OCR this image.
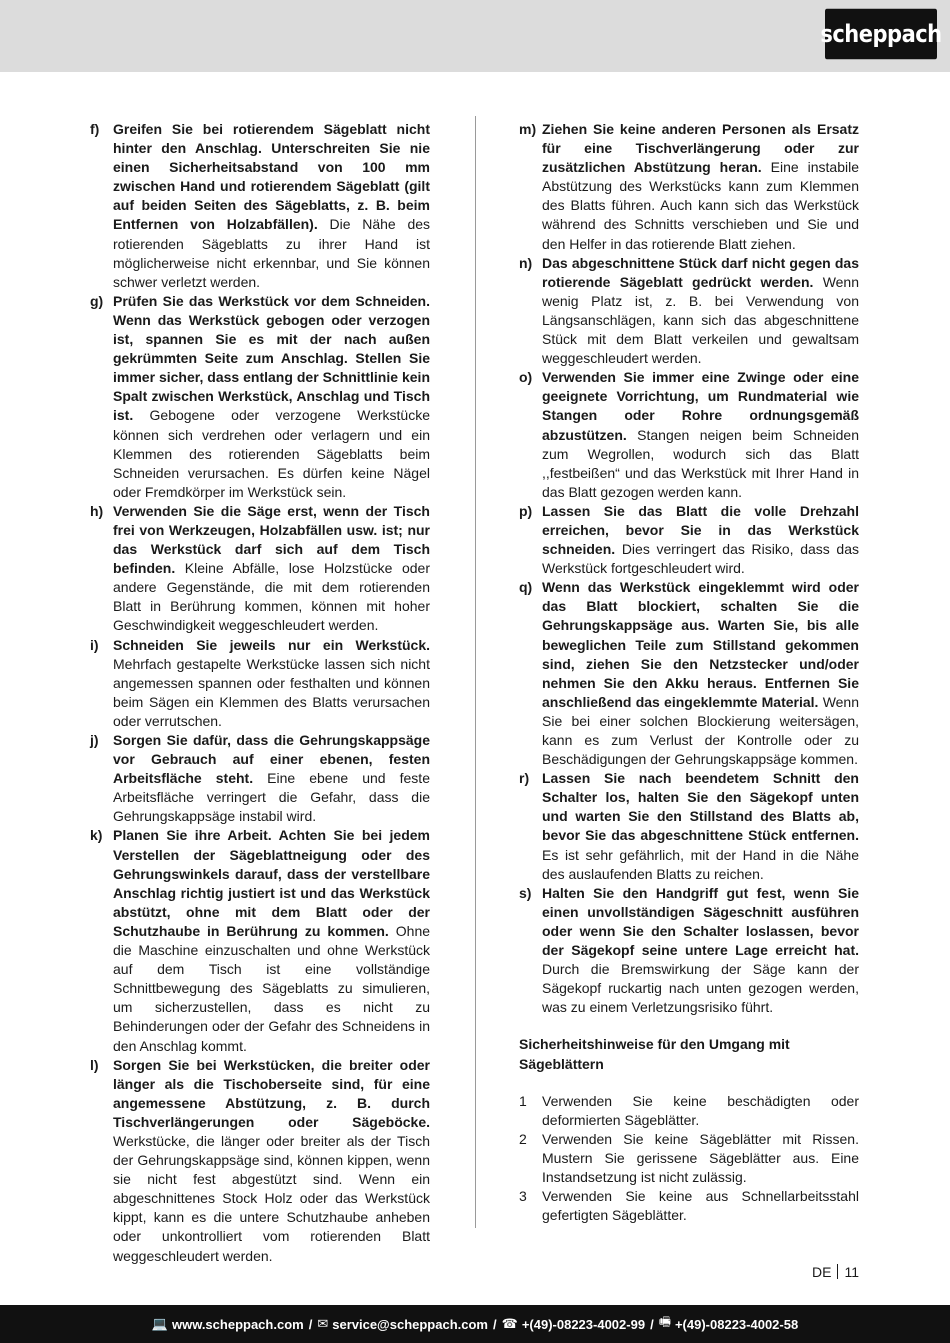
scheppach
f) Greifen Sie bei rotierendem Sägeblatt nicht hinter den Anschlag. Unterschreiten Sie nie einen Sicherheitsabstand von 100 mm zwischen Hand und rotierendem Sägeblatt (gilt auf beiden Seiten des Sägeblatts, z. B. beim Entfernen von Holzabfällen). Die Nähe des rotierenden Sägeblatts zu ihrer Hand ist möglicherweise nicht erkennbar, und Sie können schwer verletzt werden.
g) Prüfen Sie das Werkstück vor dem Schneiden. Wenn das Werkstück gebogen oder verzogen ist, spannen Sie es mit der nach außen gekrümmten Seite zum Anschlag. Stellen Sie immer sicher, dass entlang der Schnittlinie kein Spalt zwischen Werkstück, Anschlag und Tisch ist. Gebogene oder verzogene Werkstücke können sich verdrehen oder verlagern und ein Klemmen des rotierenden Sägeblatts beim Schneiden verursachen. Es dürfen keine Nägel oder Fremdkörper im Werkstück sein.
h) Verwenden Sie die Säge erst, wenn der Tisch frei von Werkzeugen, Holzabfällen usw. ist; nur das Werkstück darf sich auf dem Tisch befinden. Kleine Abfälle, lose Holzstücke oder andere Gegenstände, die mit dem rotierenden Blatt in Berührung kommen, können mit hoher Geschwindigkeit weggeschleudert werden.
i)	Schneiden Sie jeweils nur ein Werkstück. Mehrfach gestapelte Werkstücke lassen sich nicht angemessen spannen oder festhalten und können beim Sägen ein Klemmen des Blatts verursachen oder verrutschen.
j)	Sorgen Sie dafür, dass die Gehrungskappsäge vor Gebrauch auf einer ebenen, festen Arbeitsfläche steht. Eine ebene und feste Arbeitsfläche verringert die Gefahr, dass die Gehrungskappsäge instabil wird.
k) Planen Sie ihre Arbeit. Achten Sie bei jedem Verstellen der Sägeblattneigung oder des Gehrungswinkels darauf, dass der verstellbare Anschlag richtig justiert ist und das Werkstück abstützt, ohne mit dem Blatt oder der Schutzhaube in Berührung zu kommen. Ohne die Maschine einzuschalten und ohne Werkstück auf dem Tisch ist eine vollständige Schnittbewegung des Sägeblatts zu simulieren, um sicherzustellen, dass es nicht zu Behinderungen oder der Gefahr des Schneidens in den Anschlag kommt.
l)	Sorgen Sie bei Werkstücken, die breiter oder länger als die Tischoberseite sind, für eine angemessene Abstützung, z. B. durch Tischverlängerungen oder Sägeböcke. Werkstücke, die länger oder breiter als der Tisch der Gehrungskappsäge sind, können kippen, wenn sie nicht fest abgestützt sind. Wenn ein abgeschnittenes Stock Holz oder das Werkstück kippt, kann es die untere Schutzhaube anheben oder unkontrolliert vom rotierenden Blatt weggeschleudert werden.
m) Ziehen Sie keine anderen Personen als Ersatz für eine Tischverlängerung oder zur zusätzlichen Abstützung heran. Eine instabile Abstützung des Werkstücks kann zum Klemmen des Blatts führen. Auch kann sich das Werkstück während des Schnitts verschieben und Sie und den Helfer in das rotierende Blatt ziehen.
n) Das abgeschnittene Stück darf nicht gegen das rotierende Sägeblatt gedrückt werden. Wenn wenig Platz ist, z. B. bei Verwendung von Längsanschlägen, kann sich das abgeschnittene Stück mit dem Blatt verkeilen und gewaltsam weggeschleudert werden.
o) Verwenden Sie immer eine Zwinge oder eine geeignete Vorrichtung, um Rundmaterial wie Stangen oder Rohre ordnungsgemäß abzustützen. Stangen neigen beim Schneiden zum Wegrollen, wodurch sich das Blatt ,,festbeißen“ und das Werkstück mit Ihrer Hand in das Blatt gezogen werden kann.
p) Lassen Sie das Blatt die volle Drehzahl erreichen, bevor Sie in das Werkstück schneiden. Dies verringert das Risiko, dass das Werkstück fortgeschleudert wird.
q) Wenn das Werkstück eingeklemmt wird oder das Blatt blockiert, schalten Sie die Gehrungskappsäge aus. Warten Sie, bis alle beweglichen Teile zum Stillstand gekommen sind, ziehen Sie den Netzstecker und/oder nehmen Sie den Akku heraus. Entfernen Sie anschließend das eingeklemmte Material. Wenn Sie bei einer solchen Blockierung weitersägen, kann es zum Verlust der Kontrolle oder zu Beschädigungen der Gehrungskappsäge kommen.
r) Lassen Sie nach beendetem Schnitt den Schalter los, halten Sie den Sägekopf unten und warten Sie den Stillstand des Blatts ab, bevor Sie das abgeschnittene Stück entfernen. Es ist sehr gefährlich, mit der Hand in die Nähe des auslaufenden Blatts zu reichen.
s) Halten Sie den Handgriff gut fest, wenn Sie einen unvollständigen Sägeschnitt ausführen oder wenn Sie den Schalter loslassen, bevor der Sägekopf seine untere Lage erreicht hat. Durch die Bremswirkung der Säge kann der Sägekopf ruckartig nach unten gezogen werden, was zu einem Verletzungsrisiko führt.
Sicherheitshinweise für den Umgang mit Sägeblättern
1	Verwenden Sie keine beschädigten oder deformierten Sägeblätter.
2	Verwenden Sie keine Sägeblätter mit Rissen. Mustern Sie gerissene Sägeblätter aus. Eine Instandsetzung ist nicht zulässig.
3	Verwenden Sie keine aus Schnellarbeitsstahl gefertigten Sägeblätter.
DE 11
💻 www.scheppach.com / ✉ service@scheppach.com / ☎ +(49)-08223-4002-99 / 🖷 +(49)-08223-4002-58
